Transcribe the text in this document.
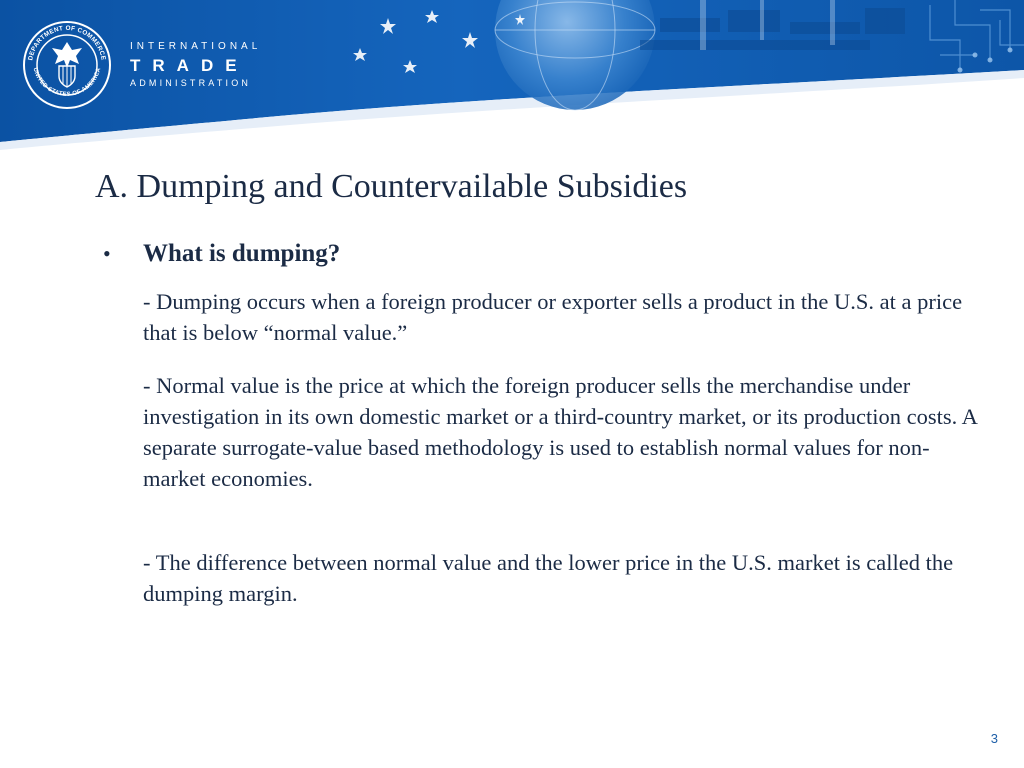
DEPARTMENT OF COMMERCE
UNITED STATES OF AMERICA
INTERNATIONAL
TRADE
ADMINISTRATION
A. Dumping and Countervailable Subsidies
•	What is dumping?

- Dumping occurs when a foreign producer or exporter sells a product in the U.S. at a price that is below “normal value.”

- Normal value is the price at which the foreign producer sells the merchandise under investigation in its own domestic market or a third-country market, or its production costs. A separate surrogate-value based methodology is used to establish normal values for non-market economies.

- The difference between normal value and the lower price in the U.S. market is called the dumping margin.

3
